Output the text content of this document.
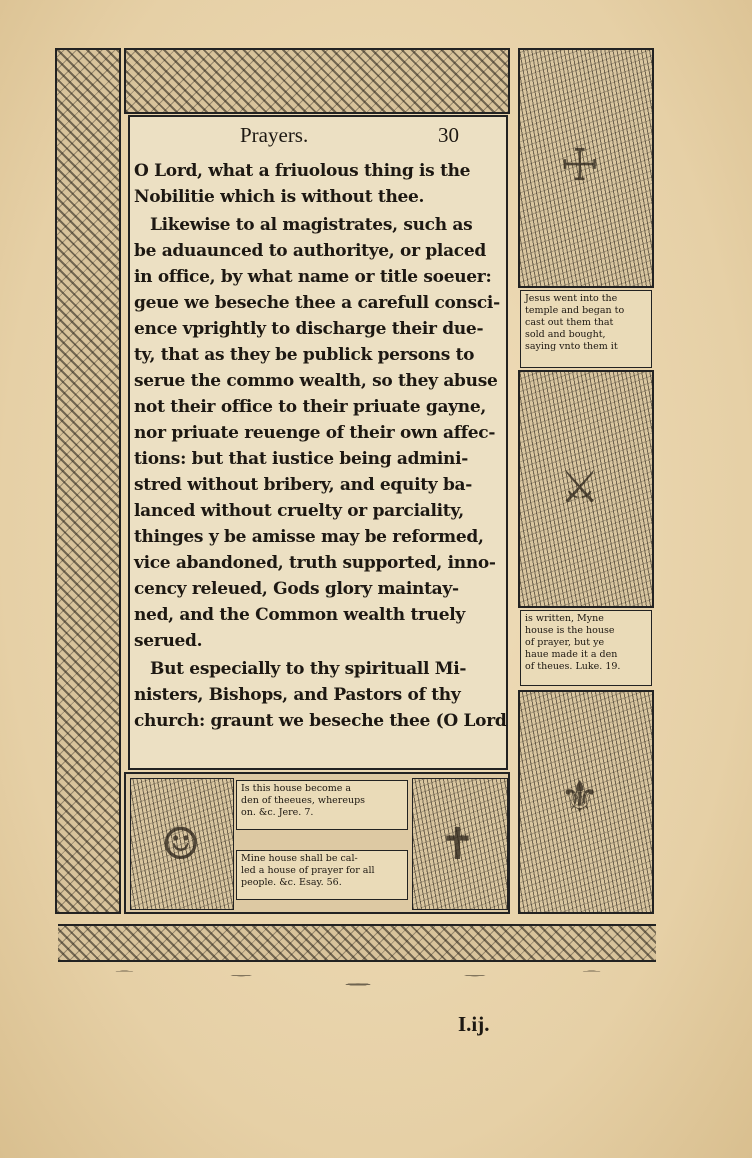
Prayers.	30
O Lord, what a friuolous thing is the
Nobilitie which is without thee.
Likewise to al magistrates, such as
be aduaunced to authoritye, or placed
in office, by what name or title soeuer:
geue we beseche thee a carefull consci-
ence vprightly to discharge their due-
ty, that as they be publick persons to
serue the commo wealth, so they abuse
not their office to their priuate gayne,
nor priuate reuenge of their own affec-
tions: but that iustice being admini-
stred without bribery, and equity ba-
lanced without cruelty or parciality,
thinges y be amisse may be reformed,
vice abandoned, truth supported, inno-
cency releued, Gods glory maintay-
ned, and the Common wealth truely
serued.
But especially to thy spirituall Mi-
nisters, Bishops, and Pastors of thy
church: graunt we beseche thee (O Lord
☩
Jesus went into the
temple and began to
cast out them that
sold and bought,
saying vnto them it
⚔
is written, Myne
house is the house
of prayer, but ye
haue made it a den
of theues. Luke. 19.
⚜
☺	✝
Is this house become a
den of theeues, whereups
on. &c. Jere. 7.
Mine house shall be cal-
led a house of prayer for all
people. &c. Esay. 56.
I.ij.
